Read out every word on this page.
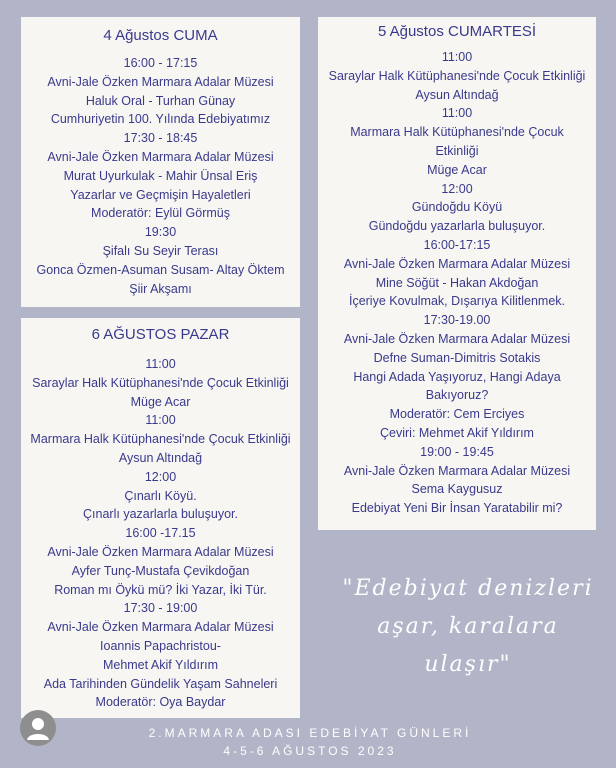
4 Ağustos CUMA
16:00 - 17:15
Avni-Jale Özken Marmara Adalar Müzesi
Haluk Oral - Turhan Günay
Cumhuriyetin 100. Yılında Edebiyatımız
17:30 - 18:45
Avni-Jale Özken Marmara Adalar Müzesi
Murat Uyurkulak - Mahir Ünsal Eriş
Yazarlar ve Geçmişin Hayaletleri
Moderatör: Eylül Görmüş
19:30
Şifalı Su Seyir Terası
Gonca Özmen-Asuman Susam- Altay Öktem
Şiir Akşamı
5 Ağustos CUMARTESİ
11:00
Saraylar Halk Kütüphanesi'nde Çocuk Etkinliği
Aysun Altındağ
11:00
Marmara Halk Kütüphanesi'nde Çocuk
Etkinliği
Müge Acar
12:00
Gündoğdu Köyü
Gündoğdu yazarlarla buluşuyor.
16:00-17:15
Avni-Jale Özken Marmara Adalar Müzesi
Mine Söğüt - Hakan Akdoğan
İçeriye Kovulmak, Dışarıya Kilitlenmek.
17:30-19.00
Avni-Jale Özken Marmara Adalar Müzesi
Defne Suman-Dimitris Sotakis
Hangi Adada Yaşıyoruz, Hangi Adaya
Bakıyoruz?
Moderatör: Cem Erciyes
Çeviri: Mehmet Akif Yıldırım
19:00 - 19:45
Avni-Jale Özken Marmara Adalar Müzesi
Sema Kaygusuz
Edebiyat Yeni Bir İnsan Yaratabilir mi?
6 AĞUSTOS PAZAR
11:00
Saraylar Halk Kütüphanesi'nde Çocuk Etkinliği
Müge Acar
11:00
Marmara Halk Kütüphanesi'nde Çocuk Etkinliği
Aysun Altındağ
12:00
Çınarlı Köyü.
Çınarlı yazarlarla buluşuyor.
16:00 -17.15
Avni-Jale Özken Marmara Adalar Müzesi
Ayfer Tunç-Mustafa Çevikdoğan
Roman mı Öykü mü? İki Yazar, İki Tür.
17:30 - 19:00
Avni-Jale Özken Marmara Adalar Müzesi
Ioannis Papachristou-
Mehmet Akif Yıldırım
Ada Tarihinden Gündelik Yaşam Sahneleri
Moderatör: Oya Baydar
"Edebiyat denizleri
aşar, karalara
ulaşır"
2.MARMARA ADASI EDEBİYAT GÜNLERİ
4-5-6 AĞUSTOS 2023
